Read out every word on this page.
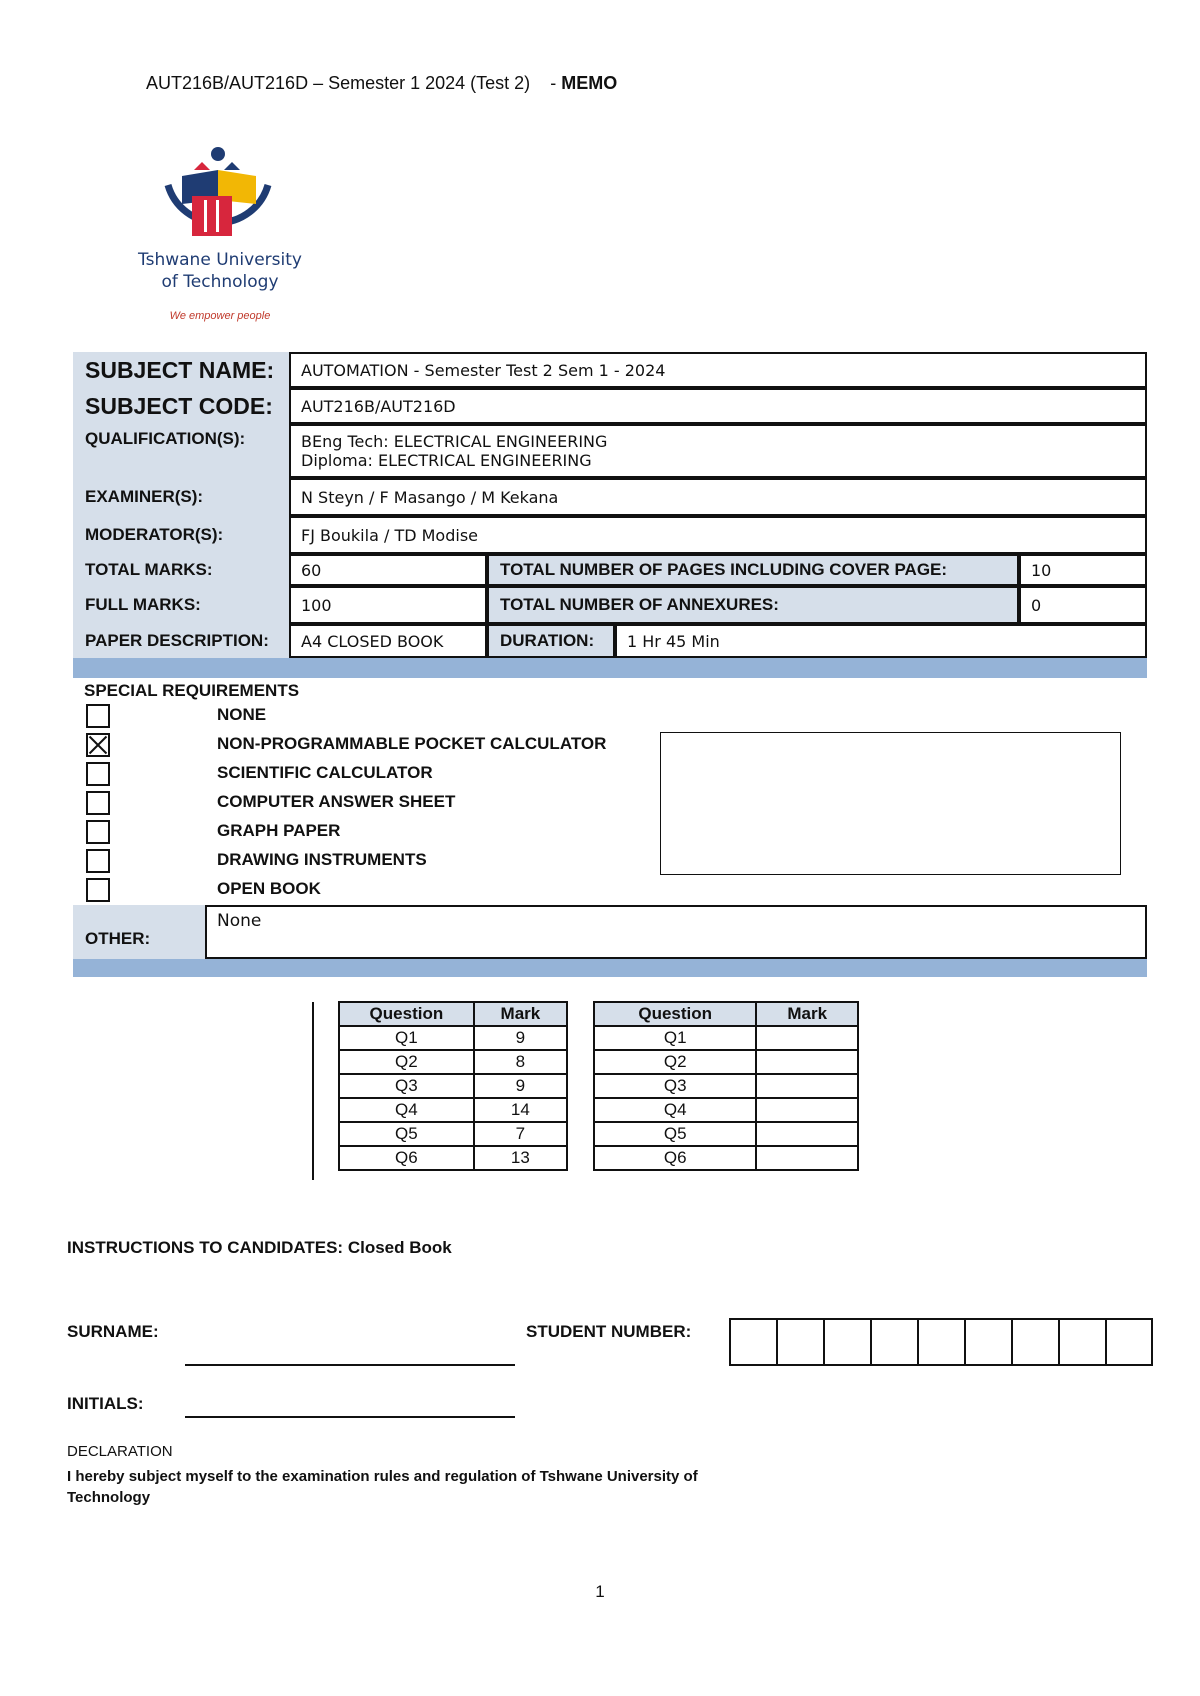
AUT216B/AUT216D – Semester 1 2024 (Test 2) - MEMO
Tshwane University
of Technology
We empower people
SUBJECT NAME:	AUTOMATION - Semester Test 2 Sem 1 - 2024
SUBJECT CODE:	AUT216B/AUT216D
QUALIFICATION(S):	BEng Tech: ELECTRICAL ENGINEERING
Diploma: ELECTRICAL ENGINEERING
EXAMINER(S):	N Steyn / F Masango / M Kekana
MODERATOR(S):	FJ Boukila / TD Modise
TOTAL MARKS:	60	TOTAL NUMBER OF PAGES INCLUDING COVER PAGE:	10
FULL MARKS:	100	TOTAL NUMBER OF ANNEXURES:	0
PAPER DESCRIPTION:	A4 CLOSED BOOK	DURATION:	1 Hr 45 Min
SPECIAL REQUIREMENTS
NONE
NON-PROGRAMMABLE POCKET CALCULATOR
SCIENTIFIC CALCULATOR
COMPUTER ANSWER SHEET
GRAPH PAPER
DRAWING INSTRUMENTS
OPEN BOOK
OTHER:
None
Question	Mark
Q1	9
Q2	8
Q3	9
Q4	14
Q5	7
Q6	13
Question	Mark
Q1	
Q2	
Q3	
Q4	
Q5	
Q6	
INSTRUCTIONS TO CANDIDATES: Closed Book
SURNAME:	STUDENT NUMBER:
INITIALS:
DECLARATION
I hereby subject myself to the examination rules and regulation of Tshwane University of Technology
1
